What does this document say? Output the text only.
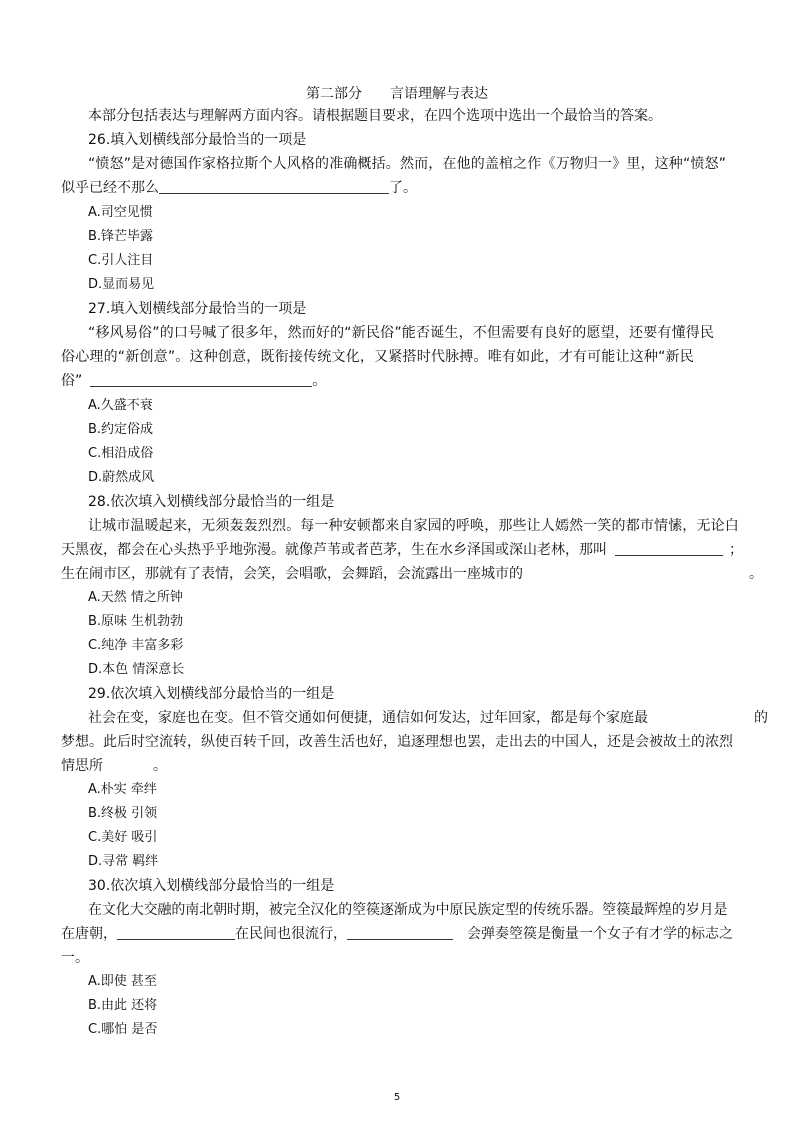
第二部分　　言语理解与表达
本部分包括表达与理解两方面内容。请根据题目要求，在四个选项中选出一个最恰当的答案。
26.填入划横线部分最恰当的一项是
“愤怒”是对德国作家格拉斯个人风格的准确概括。然而，在他的盖棺之作《万物归一》里，这种“愤怒”
似乎已经不那么	了。
A.司空见惯
B.锋芒毕露
C.引人注目
D.显而易见
27.填入划横线部分最恰当的一项是
“移风易俗”的口号喊了很多年，然而好的“新民俗”能否诞生，不但需要有良好的愿望，还要有懂得民
俗心理的“新创意”。这种创意，既衔接传统文化，又紧搭时代脉搏。唯有如此，才有可能让这种“新民
俗”	。
A.久盛不衰
B.约定俗成
C.相沿成俗
D.蔚然成风
28.依次填入划横线部分最恰当的一组是
让城市温暖起来，无须轰轰烈烈。每一种安顿都来自家园的呼唤，那些让人嫣然一笑的都市情愫，无论白
天黑夜，都会在心头热乎乎地弥漫。就像芦苇或者芭茅，生在水乡泽国或深山老林，那叫	；
生在闹市区，那就有了表情，会笑，会唱歌，会舞蹈，会流露出一座城市的	。
A.天然 情之所钟
B.原味 生机勃勃
C.纯净 丰富多彩
D.本色 情深意长
29.依次填入划横线部分最恰当的一组是
社会在变，家庭也在变。但不管交通如何便捷，通信如何发达，过年回家，都是每个家庭最	的
梦想。此后时空流转，纵使百转千回，改善生活也好，追逐理想也罢，走出去的中国人，还是会被故土的浓烈
情思所	。
A.朴实 牵绊
B.终极 引领
C.美好 吸引
D.寻常 羁绊
30.依次填入划横线部分最恰当的一组是
在文化大交融的南北朝时期，被完全汉化的箜篌逐渐成为中原民族定型的传统乐器。箜篌最辉煌的岁月是
在唐朝，	在民间也很流行，	会弹奏箜篌是衡量一个女子有才学的标志之
一。
A.即使 甚至
B.由此 还将
C.哪怕 是否
5
